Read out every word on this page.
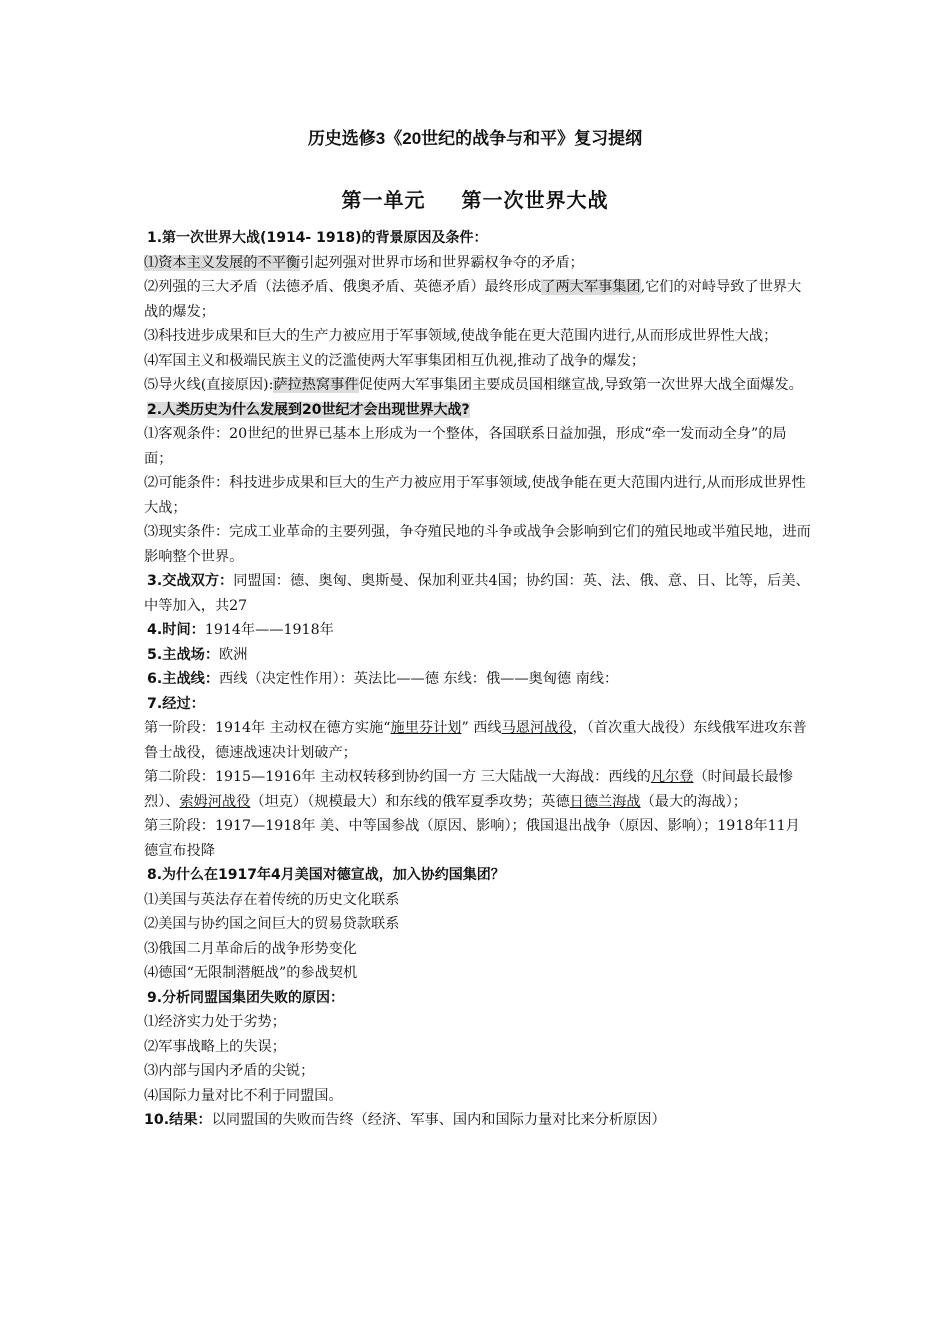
历史选修3《20世纪的战争与和平》复习提纲
第一单元 第一次世界大战

1.第一次世界大战(1914- 1918)的背景原因及条件：

⑴资本主义发展的不平衡引起列强对世界市场和世界霸权争夺的矛盾；

⑵列强的三大矛盾（法德矛盾、俄奥矛盾、英德矛盾）最终形成了两大军事集团,它们的对峙导致了世界大战的爆发；

⑶科技进步成果和巨大的生产力被应用于军事领域,使战争能在更大范围内进行,从而形成世界性大战；

⑷军国主义和极端民族主义的泛滥使两大军事集团相互仇视,推动了战争的爆发；

⑸导火线(直接原因):萨拉热窝事件促使两大军事集团主要成员国相继宣战,导致第一次世界大战全面爆发。

2.人类历史为什么发展到20世纪才会出现世界大战?

⑴客观条件：20世纪的世界已基本上形成为一个整体，各国联系日益加强，形成“牵一发而动全身”的局面；

⑵可能条件：科技进步成果和巨大的生产力被应用于军事领域,使战争能在更大范围内进行,从而形成世界性大战；

⑶现实条件：完成工业革命的主要列强，争夺殖民地的斗争或战争会影响到它们的殖民地或半殖民地，进而影响整个世界。

3.交战双方：同盟国：德、奥匈、奥斯曼、保加利亚共4国；协约国：英、法、俄、意、日、比等，后美、中等加入，共27

4.时间：1914年——1918年

5.主战场：欧洲

6.主战线：西线（决定性作用）：英法比——德 东线：俄——奥匈德 南线：

7.经过：

第一阶段：1914年 主动权在德方实施“施里芬计划” 西线马恩河战役，（首次重大战役）东线俄军进攻东普鲁士战役，德速战速决计划破产；

第二阶段：1915—1916年 主动权转移到协约国一方 三大陆战一大海战：西线的凡尔登（时间最长最惨烈）、索姆河战役（坦克）（规模最大）和东线的俄军夏季攻势；英德日德兰海战（最大的海战）；

第三阶段：1917—1918年 美、中等国参战（原因、影响）；俄国退出战争（原因、影响）；1918年11月德宣布投降

8.为什么在1917年4月美国对德宣战，加入协约国集团？

⑴美国与英法存在着传统的历史文化联系

⑵美国与协约国之间巨大的贸易贷款联系

⑶俄国二月革命后的战争形势变化

⑷德国“无限制潜艇战”的参战契机

9.分析同盟国集团失败的原因：

⑴经济实力处于劣势；

⑵军事战略上的失误；

⑶内部与国内矛盾的尖锐；

⑷国际力量对比不利于同盟国。

10.结果：以同盟国的失败而告终（经济、军事、国内和国际力量对比来分析原因）
